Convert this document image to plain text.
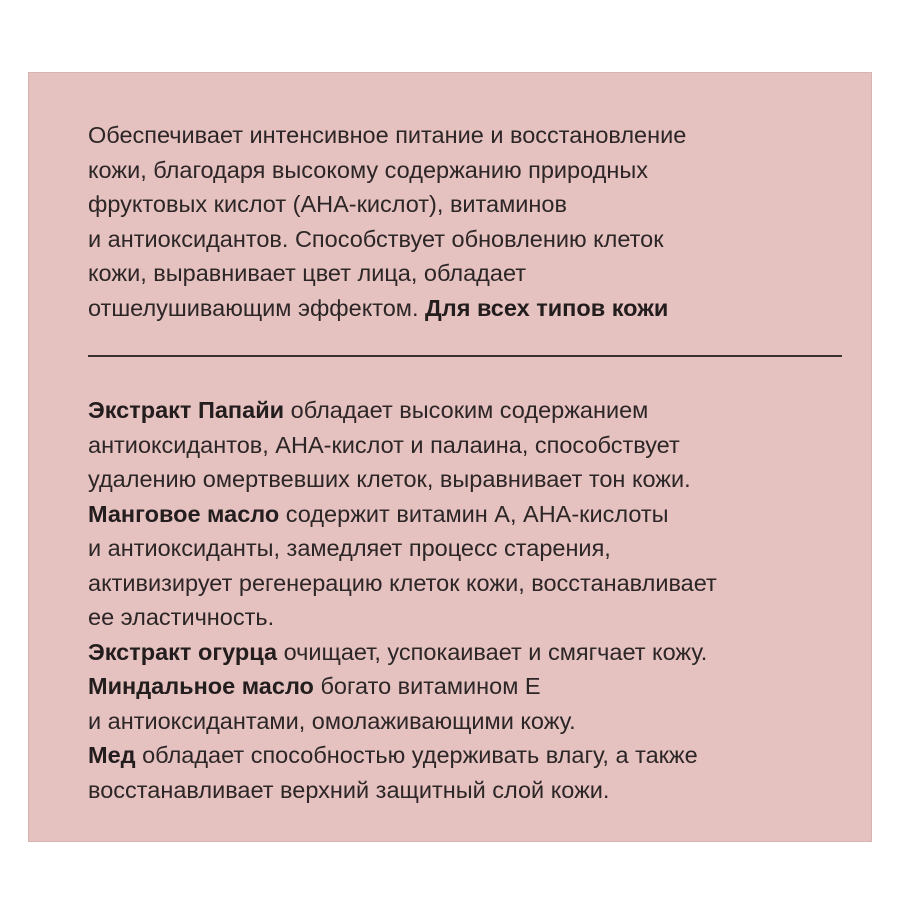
Обеспечивает интенсивное питание и восстановление
кожи, благодаря высокому содержанию природных
фруктовых кислот (АНА-кислот), витаминов
и антиоксидантов. Способствует обновлению клеток
кожи, выравнивает цвет лица, обладает
отшелушивающим эффектом. Для всех типов кожи
Экстракт Папайи обладает высоким содержанием
антиоксидантов, АНА-кислот и палаина, способствует
удалению омертвевших клеток, выравнивает тон кожи.
Манговое масло содержит витамин А, АНА-кислоты
и антиоксиданты, замедляет процесс старения,
активизирует регенерацию клеток кожи, восстанавливает
ее эластичность.
Экстракт огурца очищает, успокаивает и смягчает кожу.
Миндальное масло богато витамином Е
и антиоксидантами, омолаживающими кожу.
Мед обладает способностью удерживать влагу, а также
восстанавливает верхний защитный слой кожи.
